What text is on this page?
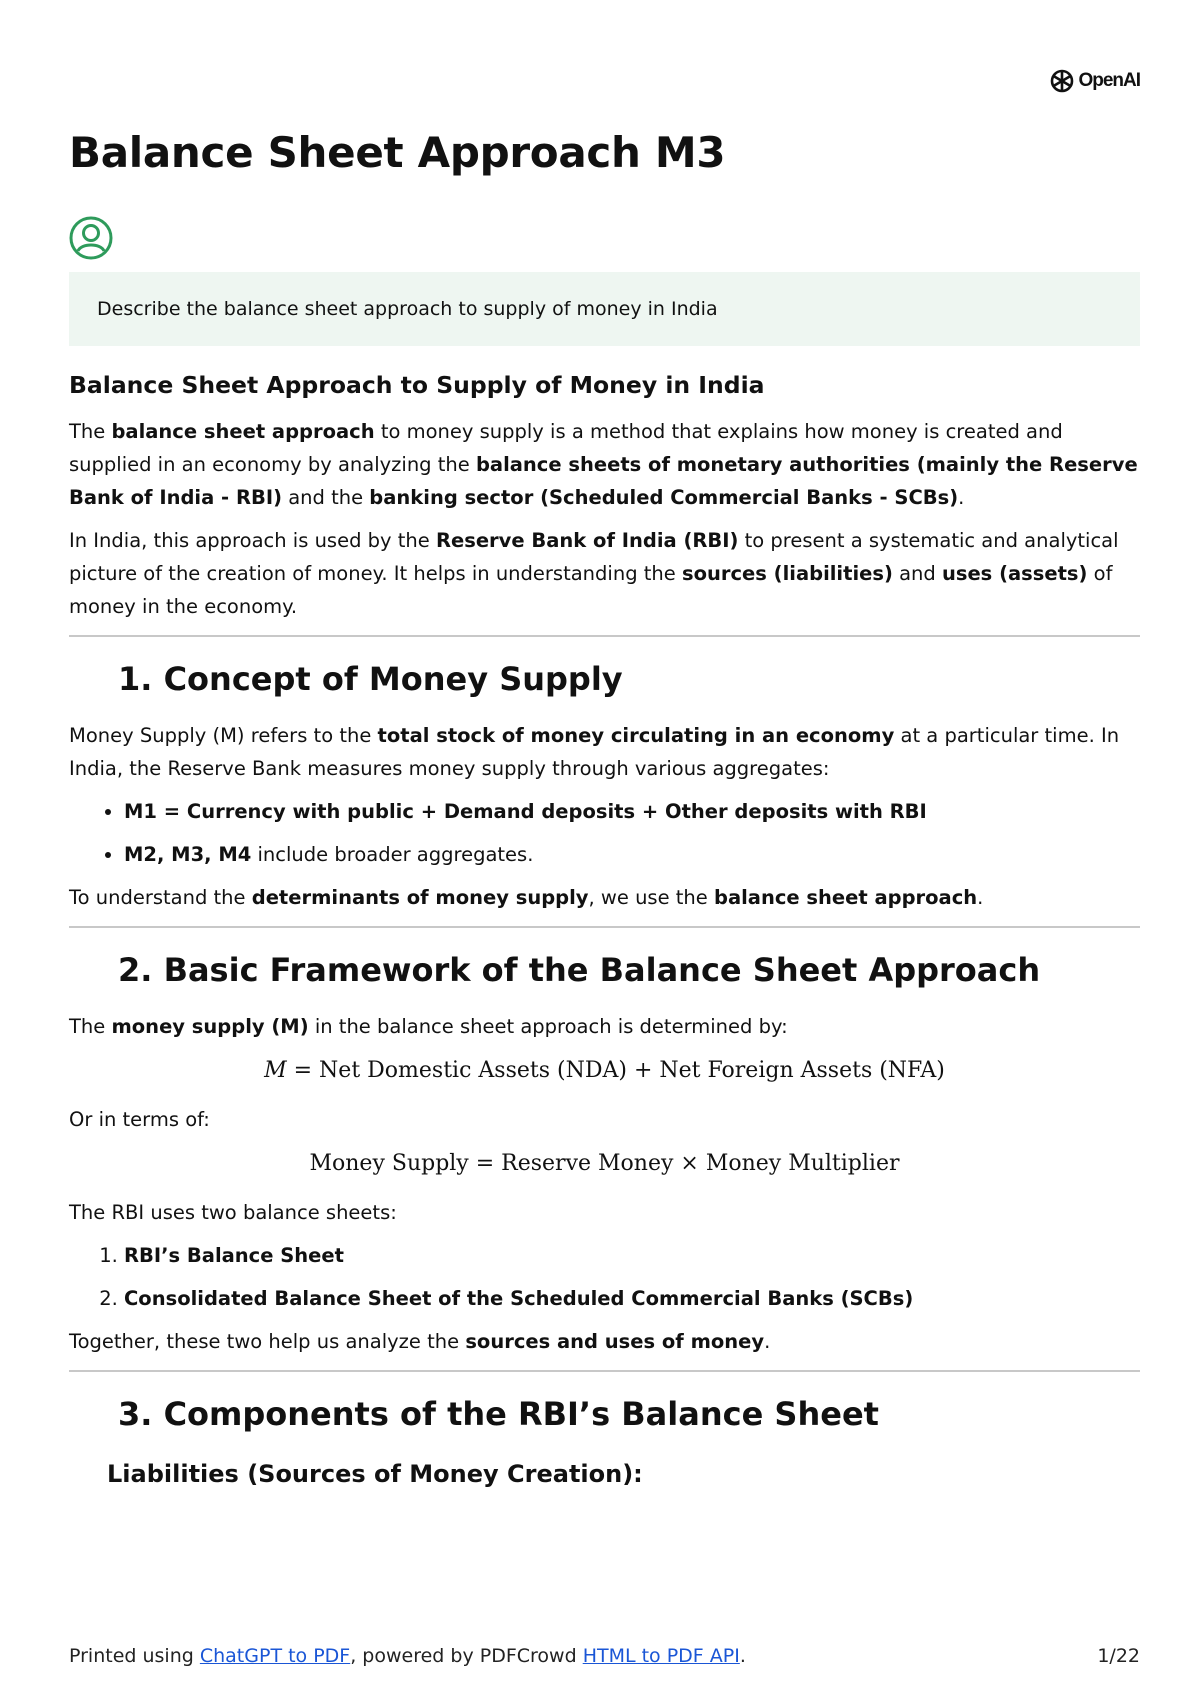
OpenAI
Balance Sheet Approach M3
Describe the balance sheet approach to supply of money in India
Balance Sheet Approach to Supply of Money in India

The balance sheet approach to money supply is a method that explains how money is created and supplied in an economy by analyzing the balance sheets of monetary authorities (mainly the Reserve Bank of India - RBI) and the banking sector (Scheduled Commercial Banks - SCBs).

In India, this approach is used by the Reserve Bank of India (RBI) to present a systematic and analytical picture of the creation of money. It helps in understanding the sources (liabilities) and uses (assets) of money in the economy.

1. Concept of Money Supply

Money Supply (M) refers to the total stock of money circulating in an economy at a particular time. In India, the Reserve Bank measures money supply through various aggregates:

• M1 = Currency with public + Demand deposits + Other deposits with RBI
• M2, M3, M4 include broader aggregates.

To understand the determinants of money supply, we use the balance sheet approach.

2. Basic Framework of the Balance Sheet Approach

The money supply (M) in the balance sheet approach is determined by:

M = Net Domestic Assets (NDA) + Net Foreign Assets (NFA)

Or in terms of:

Money Supply = Reserve Money × Money Multiplier

The RBI uses two balance sheets:

1. RBI’s Balance Sheet
2. Consolidated Balance Sheet of the Scheduled Commercial Banks (SCBs)

Together, these two help us analyze the sources and uses of money.

3. Components of the RBI’s Balance Sheet
Liabilities (Sources of Money Creation):
Printed using ChatGPT to PDF, powered by PDFCrowd HTML to PDF API.	1/22
